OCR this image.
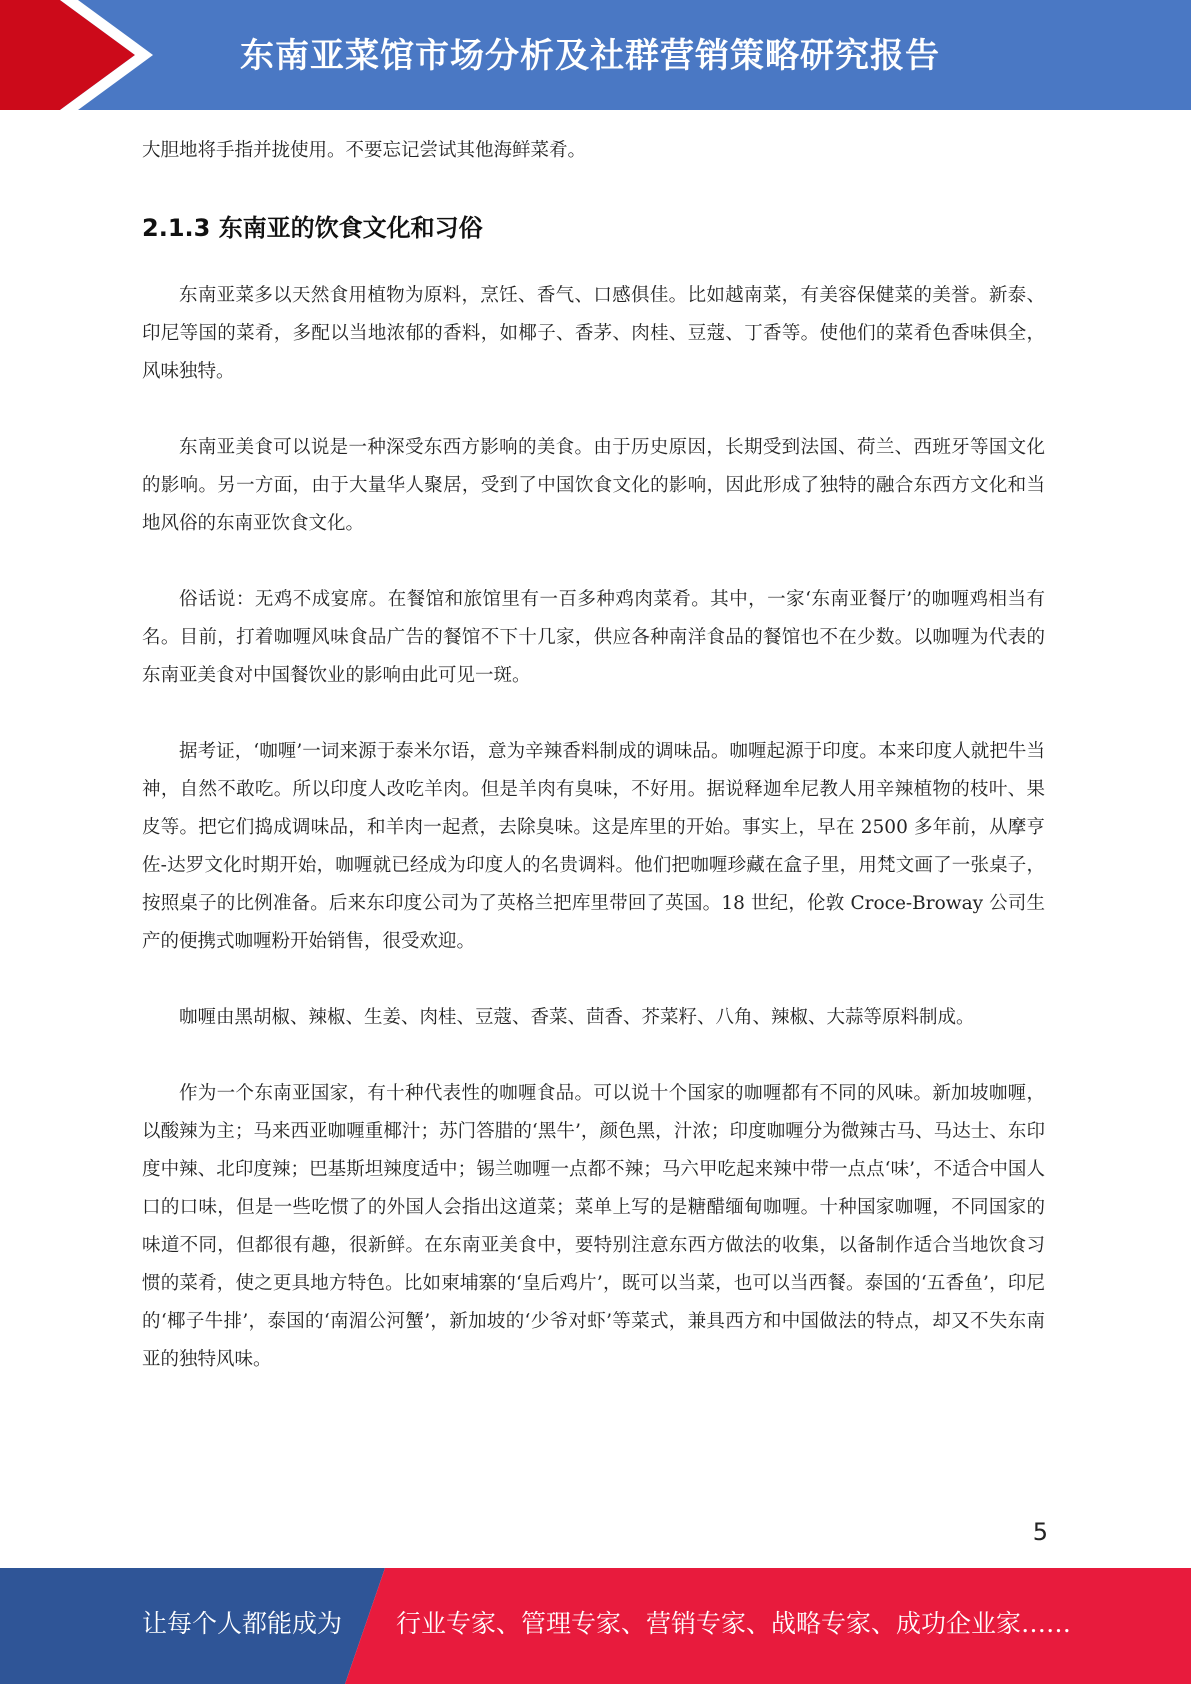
东南亚菜馆市场分析及社群营销策略研究报告

大胆地将手指并拢使用。不要忘记尝试其他海鲜菜肴。

2.1.3 东南亚的饮食文化和习俗

东南亚菜多以天然食用植物为原料，烹饪、香气、口感俱佳。比如越南菜，有美容保健菜的美誉。新泰、印尼等国的菜肴，多配以当地浓郁的香料，如椰子、香茅、肉桂、豆蔻、丁香等。使他们的菜肴色香味俱全，风味独特。

东南亚美食可以说是一种深受东西方影响的美食。由于历史原因，长期受到法国、荷兰、西班牙等国文化的影响。另一方面，由于大量华人聚居，受到了中国饮食文化的影响，因此形成了独特的融合东西方文化和当地风俗的东南亚饮食文化。

俗话说：无鸡不成宴席。在餐馆和旅馆里有一百多种鸡肉菜肴。其中，一家‘东南亚餐厅’的咖喱鸡相当有名。目前，打着咖喱风味食品广告的餐馆不下十几家，供应各种南洋食品的餐馆也不在少数。以咖喱为代表的东南亚美食对中国餐饮业的影响由此可见一斑。

据考证，‘咖喱’一词来源于泰米尔语，意为辛辣香料制成的调味品。咖喱起源于印度。本来印度人就把牛当神，自然不敢吃。所以印度人改吃羊肉。但是羊肉有臭味，不好用。据说释迦牟尼教人用辛辣植物的枝叶、果皮等。把它们捣成调味品，和羊肉一起煮，去除臭味。这是库里的开始。事实上，早在 2500 多年前，从摩亨佐-达罗文化时期开始，咖喱就已经成为印度人的名贵调料。他们把咖喱珍藏在盒子里，用梵文画了一张桌子，按照桌子的比例准备。后来东印度公司为了英格兰把库里带回了英国。18 世纪，伦敦 Croce-Broway 公司生产的便携式咖喱粉开始销售，很受欢迎。

咖喱由黑胡椒、辣椒、生姜、肉桂、豆蔻、香菜、茴香、芥菜籽、八角、辣椒、大蒜等原料制成。

作为一个东南亚国家，有十种代表性的咖喱食品。可以说十个国家的咖喱都有不同的风味。新加坡咖喱，以酸辣为主；马来西亚咖喱重椰汁；苏门答腊的‘黑牛’，颜色黑，汁浓；印度咖喱分为微辣古马、马达士、东印度中辣、北印度辣；巴基斯坦辣度适中；锡兰咖喱一点都不辣；马六甲吃起来辣中带一点点‘味’，不适合中国人口的口味，但是一些吃惯了的外国人会指出这道菜；菜单上写的是糖醋缅甸咖喱。十种国家咖喱，不同国家的味道不同，但都很有趣，很新鲜。在东南亚美食中，要特别注意东西方做法的收集，以备制作适合当地饮食习惯的菜肴，使之更具地方特色。比如柬埔寨的‘皇后鸡片’，既可以当菜，也可以当西餐。泰国的‘五香鱼’，印尼的‘椰子牛排’，泰国的‘南湄公河蟹’，新加坡的‘少爷对虾’等菜式，兼具西方和中国做法的特点，却又不失东南亚的独特风味。

5
让每个人都能成为 行业专家、管理专家、营销专家、战略专家、成功企业家……
